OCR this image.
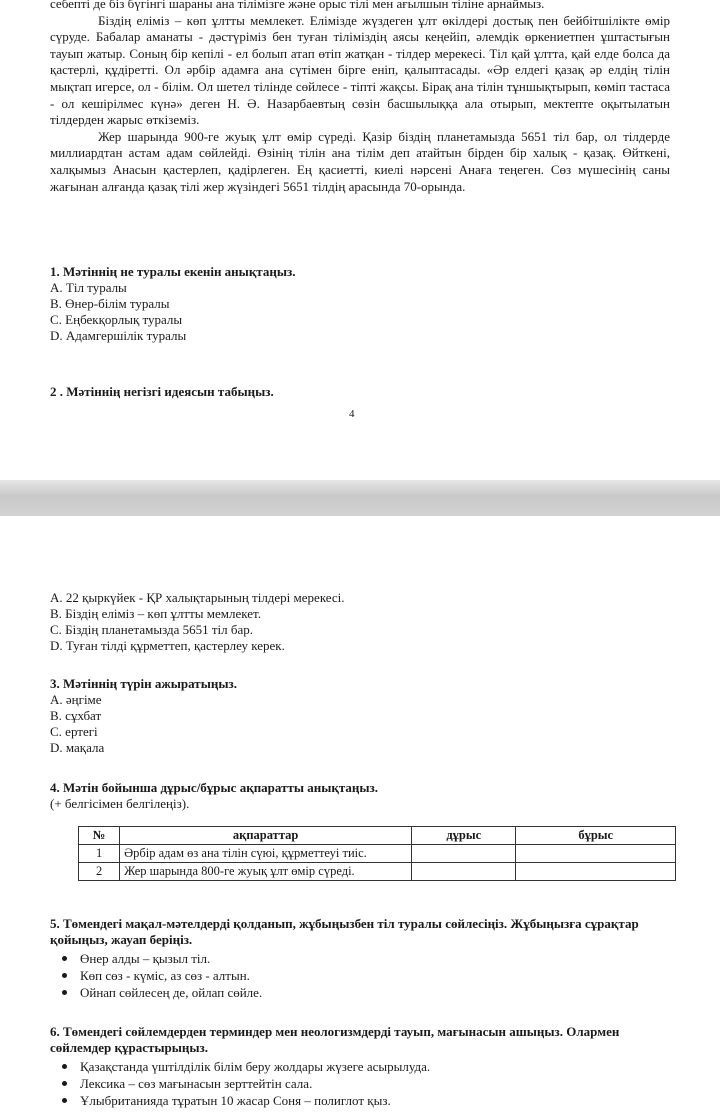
себепті де біз бүгінгі шараны ана тілімізге және орыс тілі мен ағылшын тіліне арнаймыз.

Біздің еліміз – көп ұлтты мемлекет. Елімізде жүздеген ұлт өкілдері достық пен бейбітшілікте өмір сүруде. Бабалар аманаты - дәстүріміз бен туған тіліміздің аясы кеңейіп, әлемдік өркениетпен ұштастығын тауып жатыр. Соның бір кепілі - ел болып атап өтіп жатқан - тілдер мерекесі. Тіл қай ұлтта, қай елде болса да қастерлі, құдіретті. Ол әрбір адамға ана сүтімен бірге еніп, қалыптасады. «Әр елдегі қазақ әр елдің тілін мықтап игерсе, ол - білім. Ол шетел тілінде сөйлесе - тіпті жақсы. Бірақ ана тілін тұншықтырып, көміп тастаса - ол кешірілмес күнә» деген Н. Ә. Назарбаевтың сөзін басшылыққа ала отырып, мектепте оқытылатын тілдерден жарыс өткіземіз.

Жер шарында 900-ге жуық ұлт өмір сүреді. Қазір біздің планетамызда 5651 тіл бар, ол тілдерде миллиардтан астам адам сөйлейді. Өзінің тілін ана тілім деп атайтын бірден бір халық - қазақ. Өйткені, халқымыз Анасын қастерлеп, қадірлеген. Ең қасиетті, киелі нәрсені Анаға теңеген. Сөз мүшесінің саны жағынан алғанда қазақ тілі жер жүзіндегі 5651 тілдің арасында 70-орында.

1. Мәтіннің не туралы екенін анықтаңыз.

A. Тіл туралы

B. Өнер-білім туралы

C. Еңбекқорлық туралы

D. Адамгершілік туралы

2 . Мәтіннің негізгі идеясын табыңыз.

4

A. 22 қыркүйек - ҚР халықтарының тілдері мерекесі.

B. Біздің еліміз – көп ұлтты мемлекет.

C. Біздің планетамызда 5651 тіл бар.

D. Туған тілді құрметтеп, қастерлеу керек.

3. Мәтіннің түрін ажыратыңыз.

A. әңгіме

B. сұхбат

C. ертегі

D. мақала

4. Мәтін бойынша дұрыс/бұрыс ақпаратты анықтаңыз.

(+ белгісімен белгілеңіз).

№	ақпараттар	дұрыс	бұрыс
1	Әрбір адам өз ана тілін сүюі, құрметтеуі тиіс.		
2	Жер шарында 800-ге жуық ұлт өмір сүреді.		

5. Төмендегі мақал-мәтелдерді қолданып, жұбыңызбен тіл туралы сөйлесіңіз. Жұбыңызға сұрақтар қойыңыз, жауап беріңіз.

Өнер алды – қызыл тіл.
Көп сөз - күміс, аз сөз - алтын.
Ойнап сөйлесең де, ойлап сөйле.

6. Төмендегі сөйлемдерден терминдер мен неологизмдерді тауып, мағынасын ашыңыз. Олармен сөйлемдер құрастырыңыз.

Қазақстанда үштілділік білім беру жолдары жүзеге асырылуда.
Лексика – сөз мағынасын зерттейтін сала.
Ұлыбританияда тұратын 10 жасар Соня – полиглот қыз.
